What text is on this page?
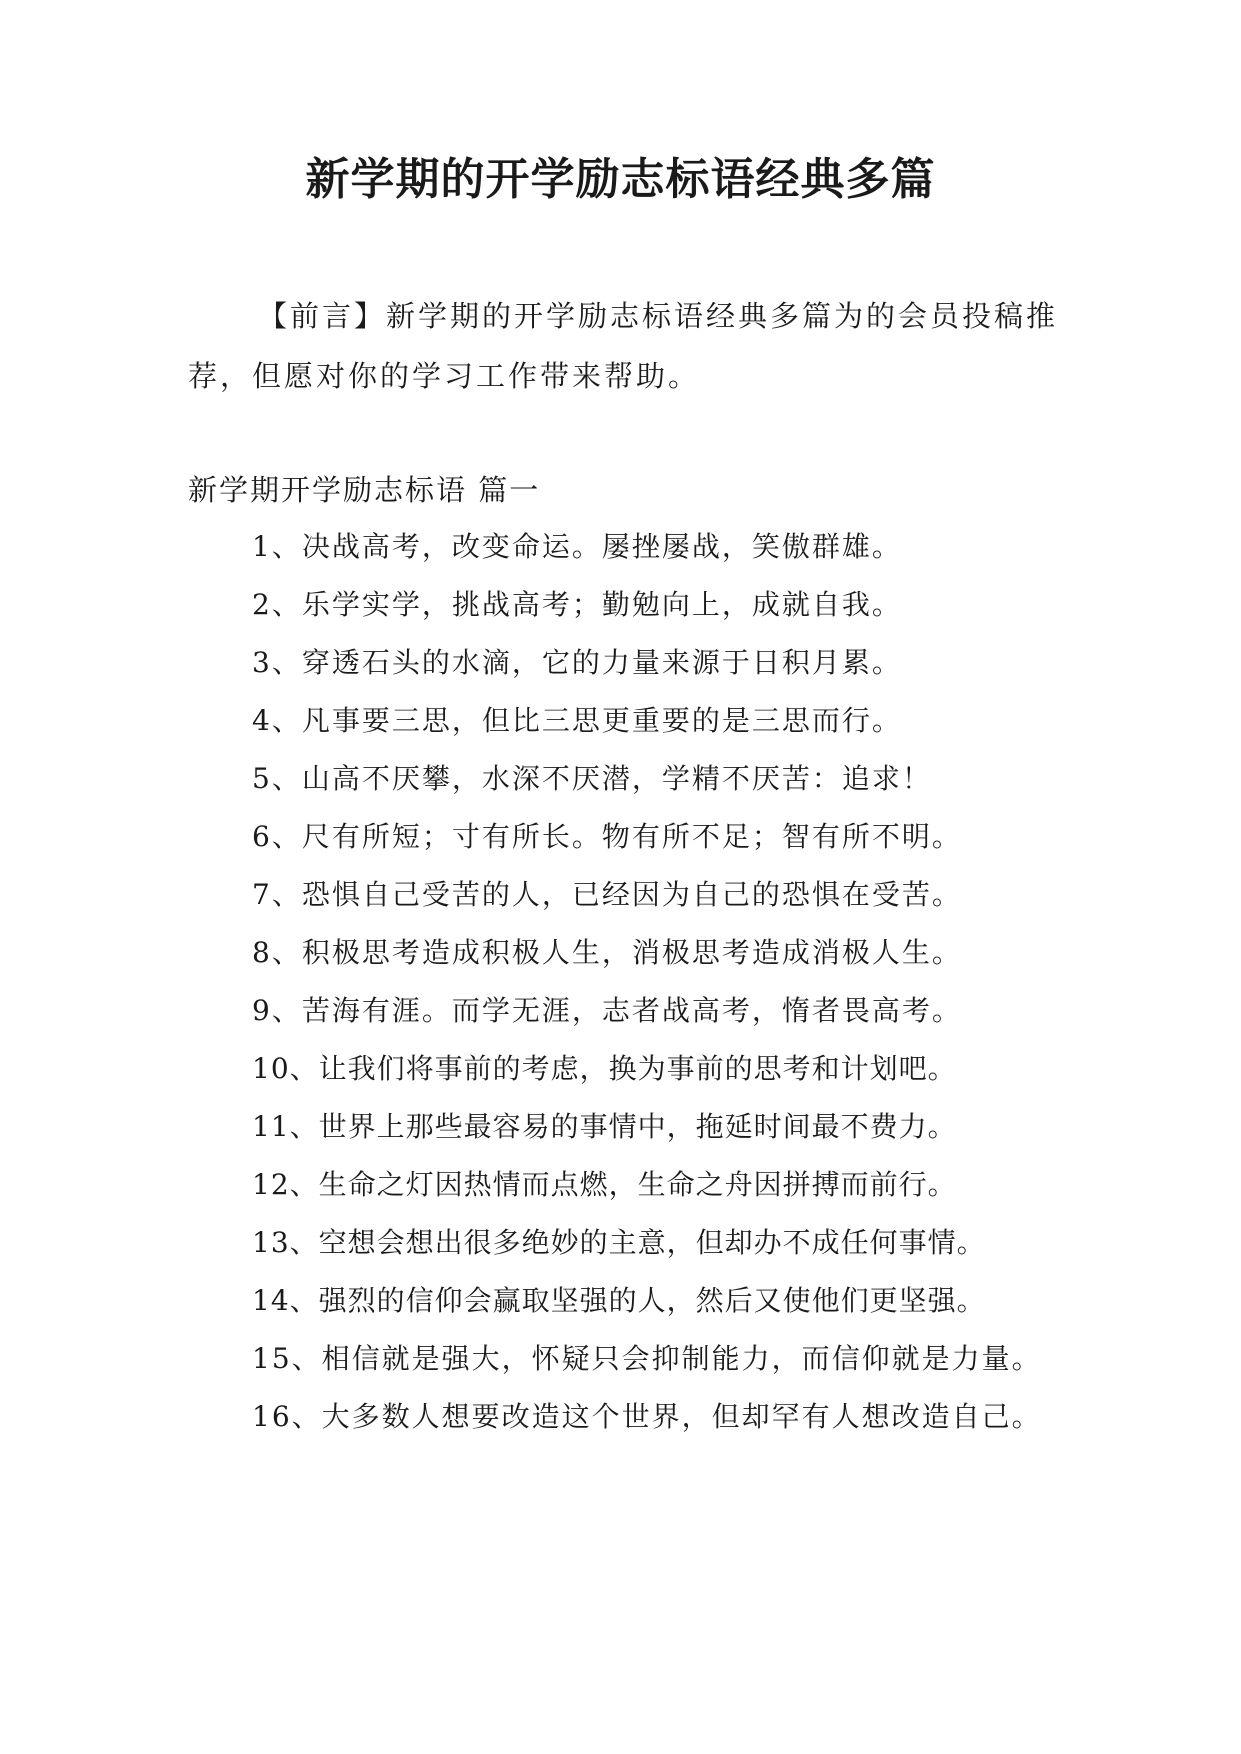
新学期的开学励志标语经典多篇

【前言】新学期的开学励志标语经典多篇为的会员投稿推荐，但愿对你的学习工作带来帮助。

新学期开学励志标语 篇一

1、决战高考，改变命运。屡挫屡战，笑傲群雄。
2、乐学实学，挑战高考；勤勉向上，成就自我。
3、穿透石头的水滴，它的力量来源于日积月累。
4、凡事要三思，但比三思更重要的是三思而行。
5、山高不厌攀，水深不厌潜，学精不厌苦：追求！
6、尺有所短；寸有所长。物有所不足；智有所不明。
7、恐惧自己受苦的人，已经因为自己的恐惧在受苦。
8、积极思考造成积极人生，消极思考造成消极人生。
9、苦海有涯。而学无涯，志者战高考，惰者畏高考。
10、让我们将事前的考虑，换为事前的思考和计划吧。
11、世界上那些最容易的事情中，拖延时间最不费力。
12、生命之灯因热情而点燃，生命之舟因拼搏而前行。
13、空想会想出很多绝妙的主意，但却办不成任何事情。
14、强烈的信仰会赢取坚强的人，然后又使他们更坚强。
15、相信就是强大，怀疑只会抑制能力，而信仰就是力量。
16、大多数人想要改造这个世界，但却罕有人想改造自己。
